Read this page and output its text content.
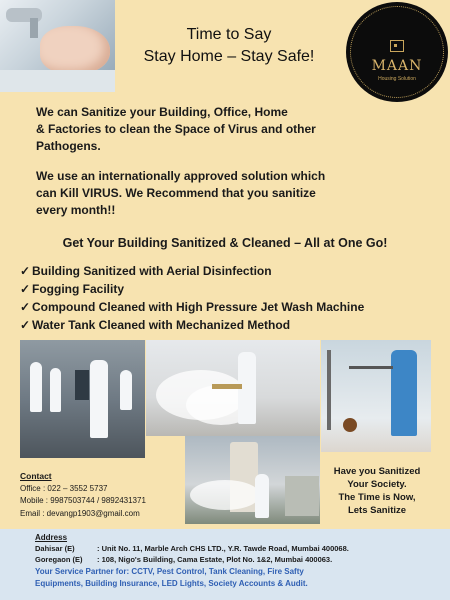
Time to Say
Stay Home – Stay Safe!
MAAN
Housing Solution
We can Sanitize your Building, Office, Home
& Factories to clean the Space of Virus and other
Pathogens.
We use an internationally approved solution which
can Kill VIRUS. We Recommend that you sanitize
every month!!
Get Your Building Sanitized & Cleaned – All at One Go!
✓ Building Sanitized with Aerial Disinfection
✓ Fogging Facility
✓ Compound Cleaned with High Pressure Jet Wash Machine
✓ Water Tank Cleaned with Mechanized Method
Contact
Office : 022 – 3552 5737
Mobile : 9987503744 / 9892431371
Email : devangp1903@gmail.com
Have you Sanitized
Your Society.
The Time is Now,
Lets Sanitize
Address
Dahisar (E)	: Unit No. 11, Marble Arch CHS LTD., Y.R. Tawde Road, Mumbai 400068.
Goregaon (E) : 108, Nigo's Building, Cama Estate, Plot No. 1&2, Mumbai 400063.
Your Service Partner for: CCTV, Pest Control, Tank Cleaning, Fire Safty
Equipments, Building Insurance, LED Lights, Society Accounts & Audit.
